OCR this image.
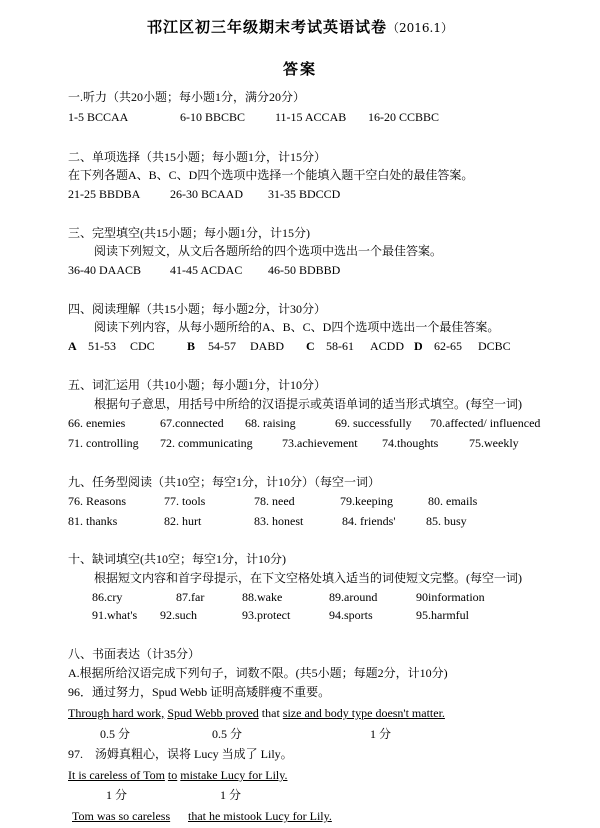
邗江区初三年级期末考试英语试卷（2016.1）
答案
一.听力（共20小题；每小题1分，满分20分）
1-5 BCCAA	6-10 BBCBC 11-15 ACCAB 16-20 CCBBC
二、单项选择（共15小题；每小题1分，计15分）
在下列各题A、B、C、D四个选项中选择一个能填入题干空白处的最佳答案。
21-25 BBDBA 26-30 BCAAD 31-35 BDCCD
三、完型填空(共15小题；每小题1分，计15分)
阅读下列短文，从文后各题所给的四个选项中选出一个最佳答案。
36-40 DAACB 41-45 ACDAC 46-50 BDBBD
四、阅读理解（共15小题；每小题2分，计30分）
阅读下列内容，从每小题所给的A、B、C、D四个选项中选出一个最佳答案。
A 51-53 CDC	B 54-57 DABD C 58-61 ACDD D 62-65 DCBC
五、词汇运用（共10小题；每小题1分，计10分）
根据句子意思，用括号中所给的汉语提示或英语单词的适当形式填空。(每空一词)
66. enemies	67.connected 68. raising	69. successfully 70.affected/ influenced
71. controlling 72. communicating 73.achievement 74.thoughts	75.weekly
九、任务型阅读（共10空；每空1分，计10分）（每空一词）
76. Reasons	77. tools	78. need	79.keeping	80. emails
81. thanks	82. hurt	83. honest	84. friends'	85. busy
十、缺词填空(共10空；每空1分，计10分)
根据短文内容和首字母提示，在下文空格处填入适当的词使短文完整。(每空一词)
86.cry	87.far	88.wake	89.around	90information
91.what's 92.such	93.protect	94.sports	95.harmful
八、书面表达（计35分）
A.根据所给汉语完成下列句子，词数不限。(共5小题；每题2分，计10分)
96．通过努力，Spud Webb 证明高矮胖瘦不重要。
Through hard work, Spud Webb proved that size and body type doesn't matter.
0.5 分	0.5 分	1 分
97.　汤姆真粗心，误将 Lucy 当成了 Lily。
It is careless of Tom to mistake Lucy for Lily.
1 分	1 分
Tom was so careless that he mistook Lucy for Lily.
